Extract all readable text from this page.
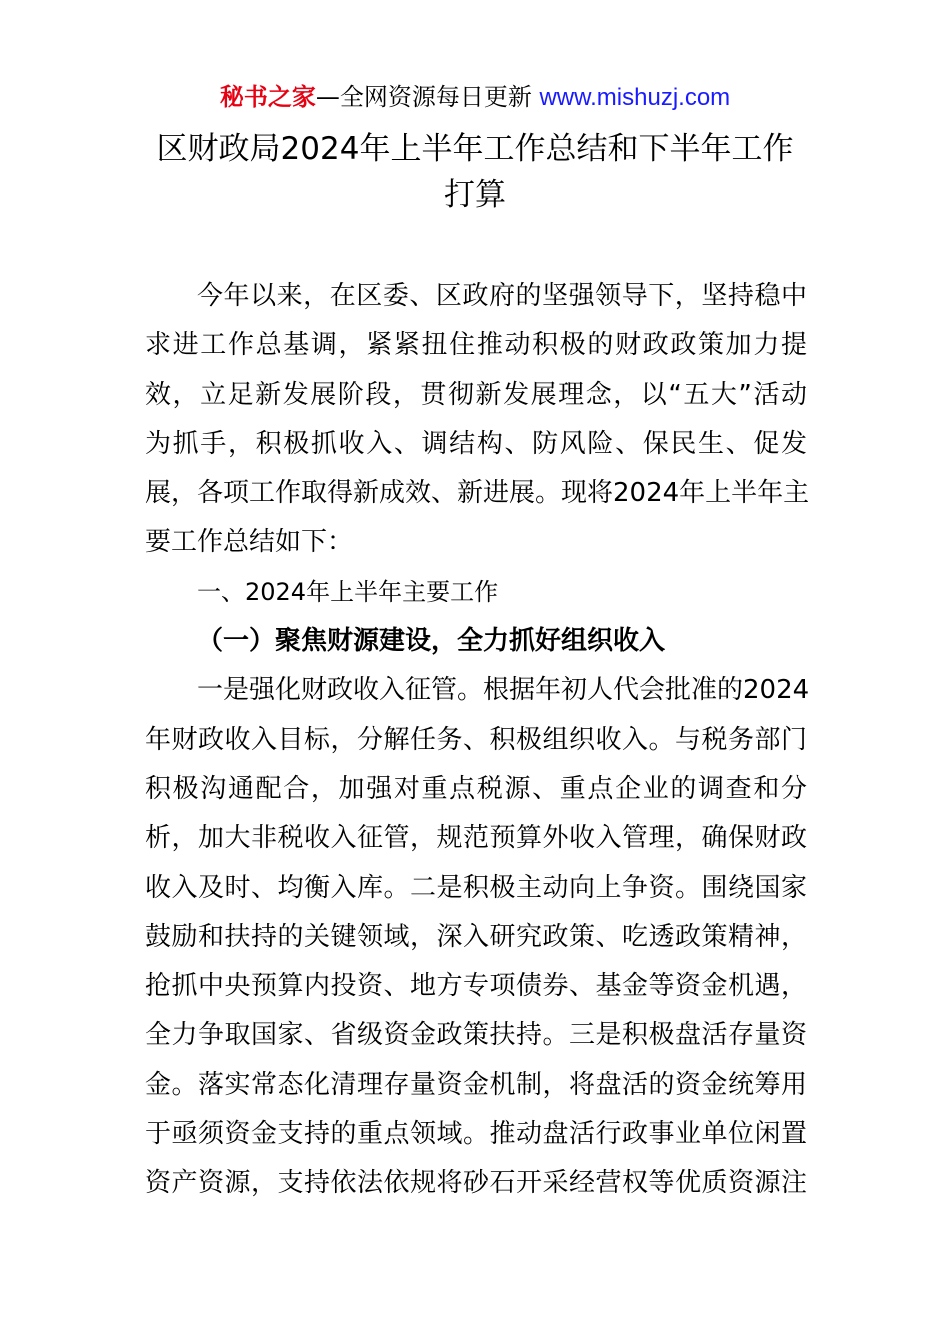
秘书之家—全网资源每日更新 www.mishuzj.com
区财政局2024年上半年工作总结和下半年工作
打算
今年以来，在区委、区政府的坚强领导下，坚持稳中
求进工作总基调，紧紧扭住推动积极的财政政策加力提
效，立足新发展阶段，贯彻新发展理念，以“五大”活动
为抓手，积极抓收入、调结构、防风险、保民生、促发
展，各项工作取得新成效、新进展。现将2024年上半年主
要工作总结如下：
一、2024年上半年主要工作
（一）聚焦财源建设，全力抓好组织收入
一是强化财政收入征管。根据年初人代会批准的2024
年财政收入目标，分解任务、积极组织收入。与税务部门
积极沟通配合，加强对重点税源、重点企业的调查和分
析，加大非税收入征管，规范预算外收入管理，确保财政
收入及时、均衡入库。二是积极主动向上争资。围绕国家
鼓励和扶持的关键领域，深入研究政策、吃透政策精神，
抢抓中央预算内投资、地方专项债券、基金等资金机遇，
全力争取国家、省级资金政策扶持。三是积极盘活存量资
金。落实常态化清理存量资金机制，将盘活的资金统筹用
于亟须资金支持的重点领域。推动盘活行政事业单位闲置
资产资源，支持依法依规将砂石开采经营权等优质资源注
